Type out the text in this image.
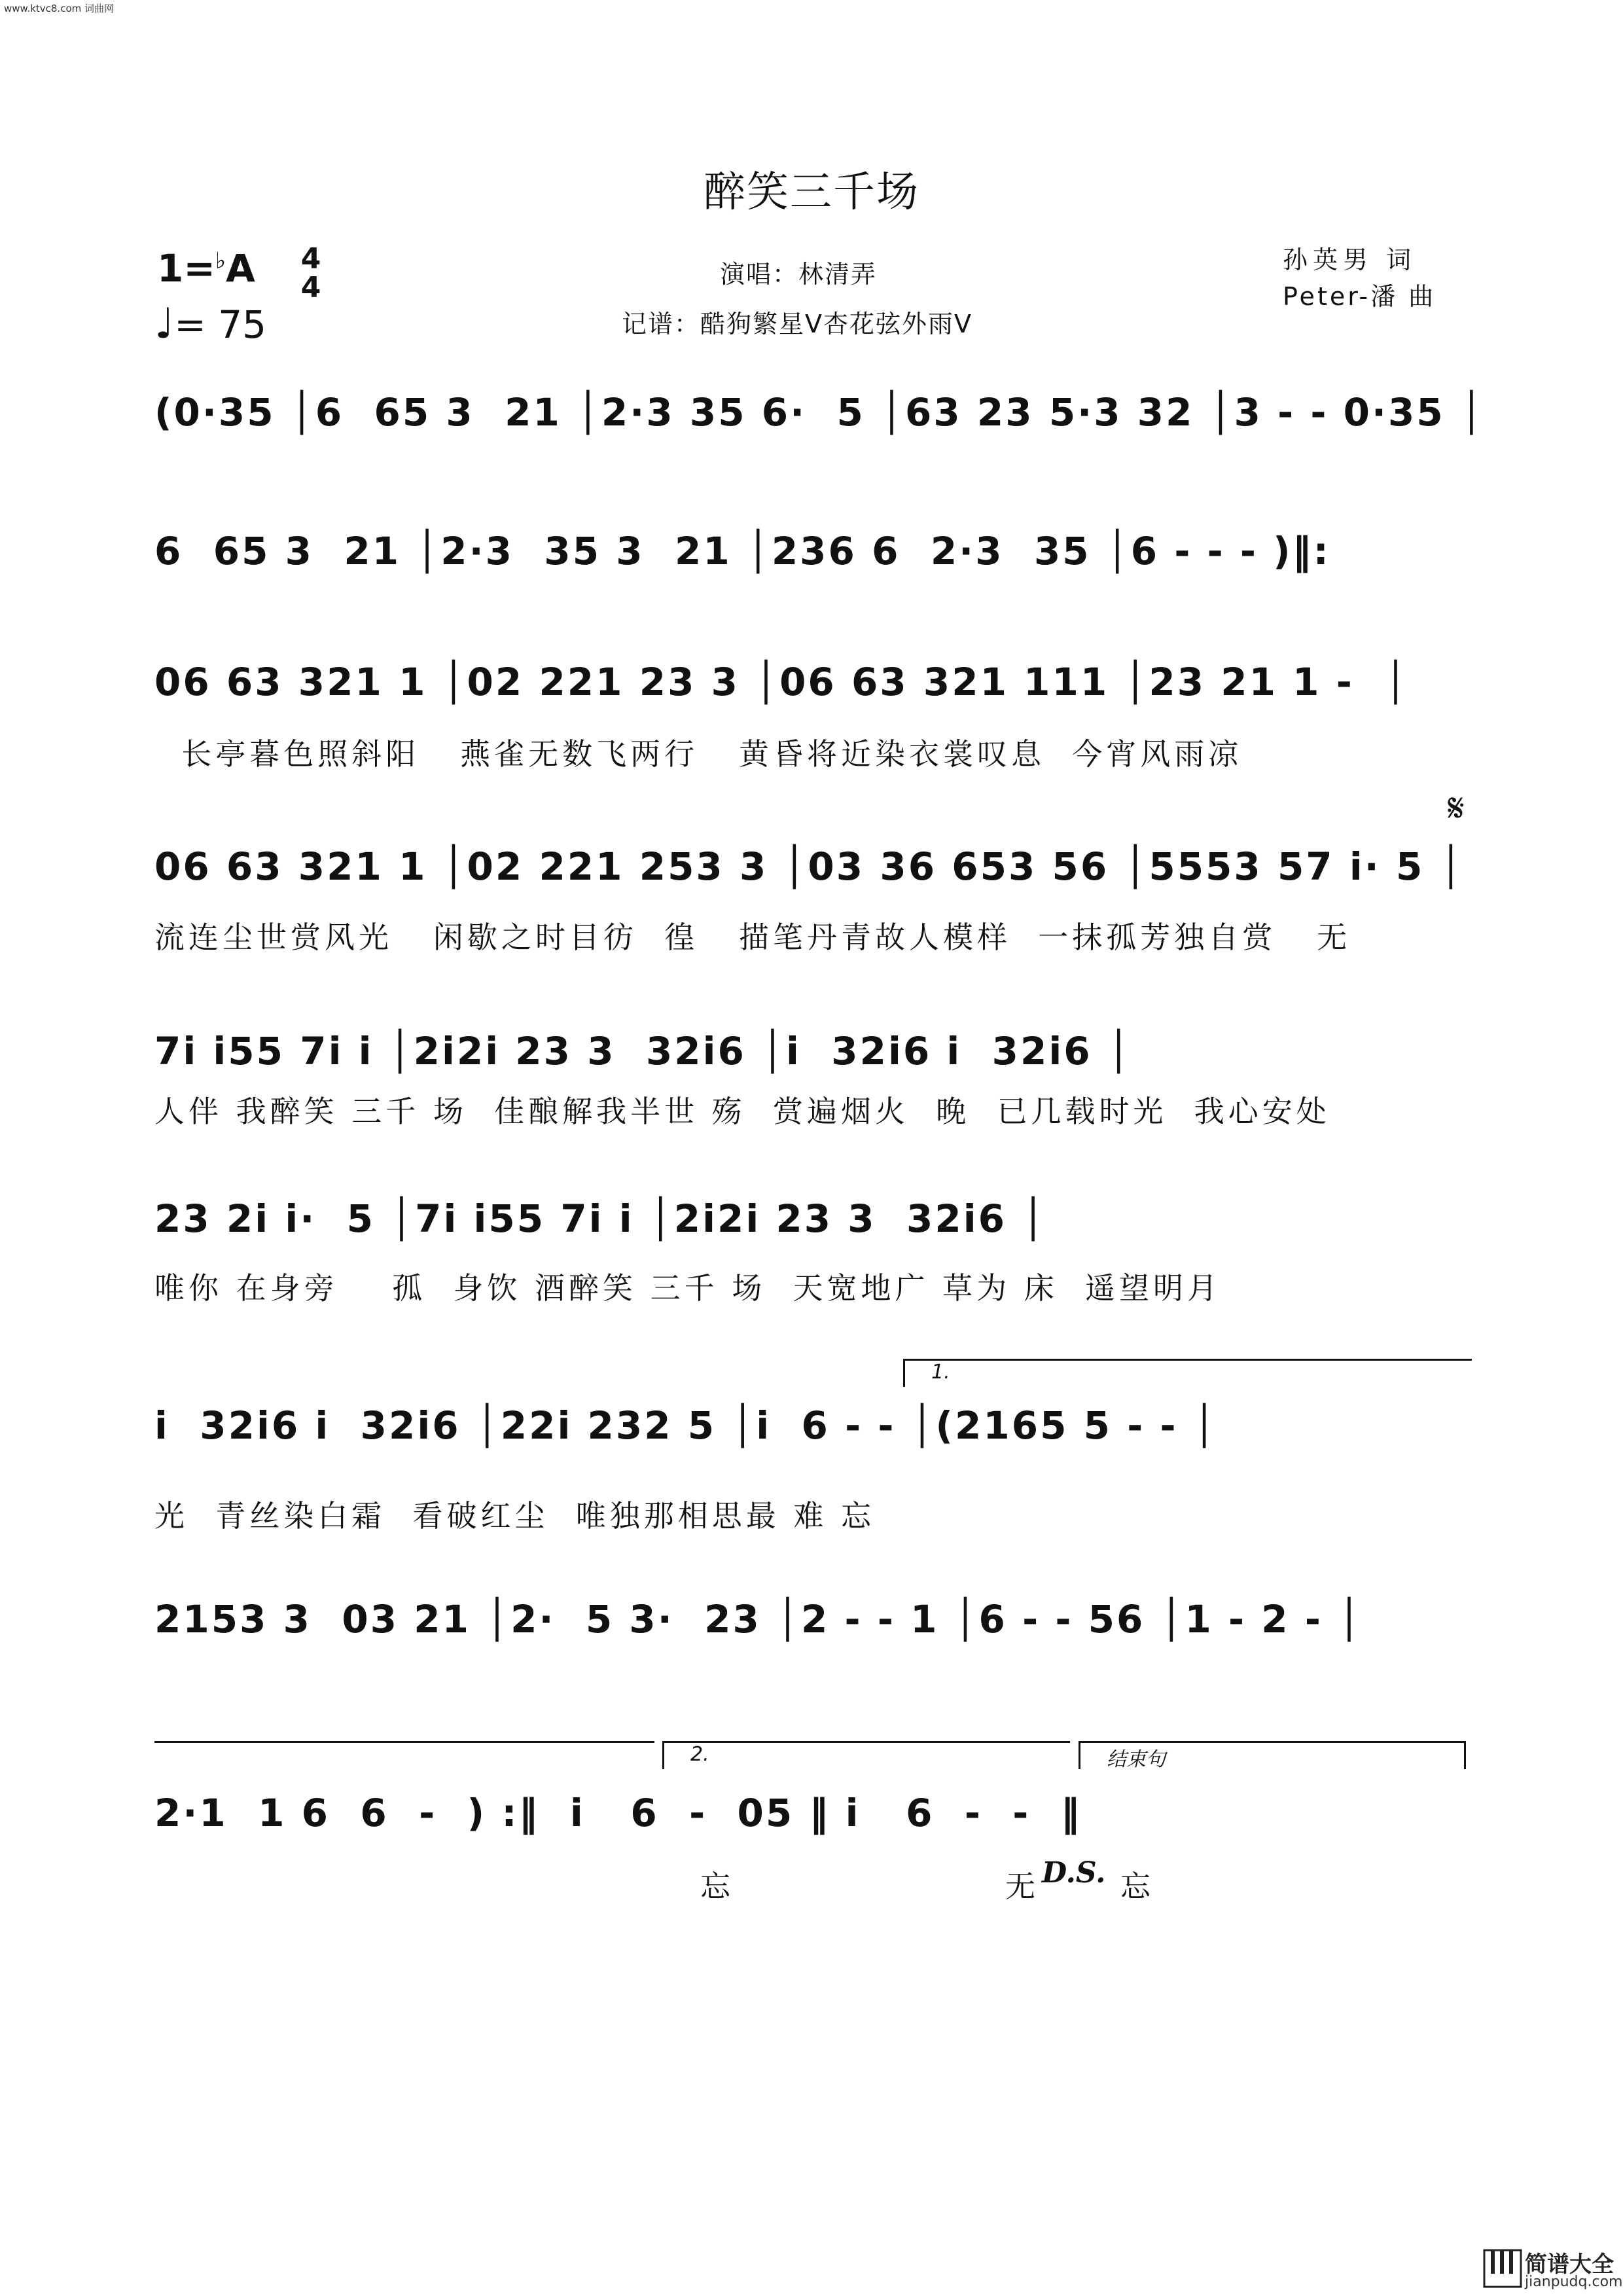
www.ktvc8.com 词曲网
醉笑三千场
1=♭A 4
4
♩= 75
演唱：林清弄
记谱：酷狗繁星V杏花弦外雨V
孙英男 词
Peter-潘 曲
(0·35 │6  65 3  21 │2·3 35 6·  5 │63 23 5·3 32 │3 - - 0·35 │
6  65 3  21 │2·3  35 3  21 │236 6  2·3  35 │6 - - - )‖:
06 63 321 1 │02 221 23 3 │06 63 321 111 │23 21 1 -  │
长亭暮色照斜阳   燕雀无数飞两行   黄昏将近染衣裳叹息  今宵风雨凉
𝄋
06 63 321 1 │02 221 253 3 │03 36 653 56 │5553 57 i· 5 │
流连尘世赏风光   闲歇之时目彷  徨   描笔丹青故人模样  一抹孤芳独自赏   无
7i i55 7i i │2i2i 23 3  32i6 │i  32i6 i  32i6 │
人伴 我醉笑 三千 场  佳酿解我半世 殇  赏遍烟火  晚  已几载时光  我心安处
23 2i i·  5 │7i i55 7i i │2i2i 23 3  32i6 │
唯你 在身旁    孤  身饮 酒醉笑 三千 场  天宽地广 草为 床  遥望明月
1.
i  32i6 i  32i6 │22i 232 5 │i  6 - - │(2165 5 - - │
光  青丝染白霜  看破红尘  唯独那相思最 难 忘
2153 3  03 21 │2·  5 3·  23 │2 - - 1 │6 - - 56 │1 - 2 - │
2.	结束句
2·1  1 6  6  -  ) :‖  i   6  -  05 ‖ i   6  -  -  ‖
忘	无 D.S. 忘
简谱大全
jianpudq.com
